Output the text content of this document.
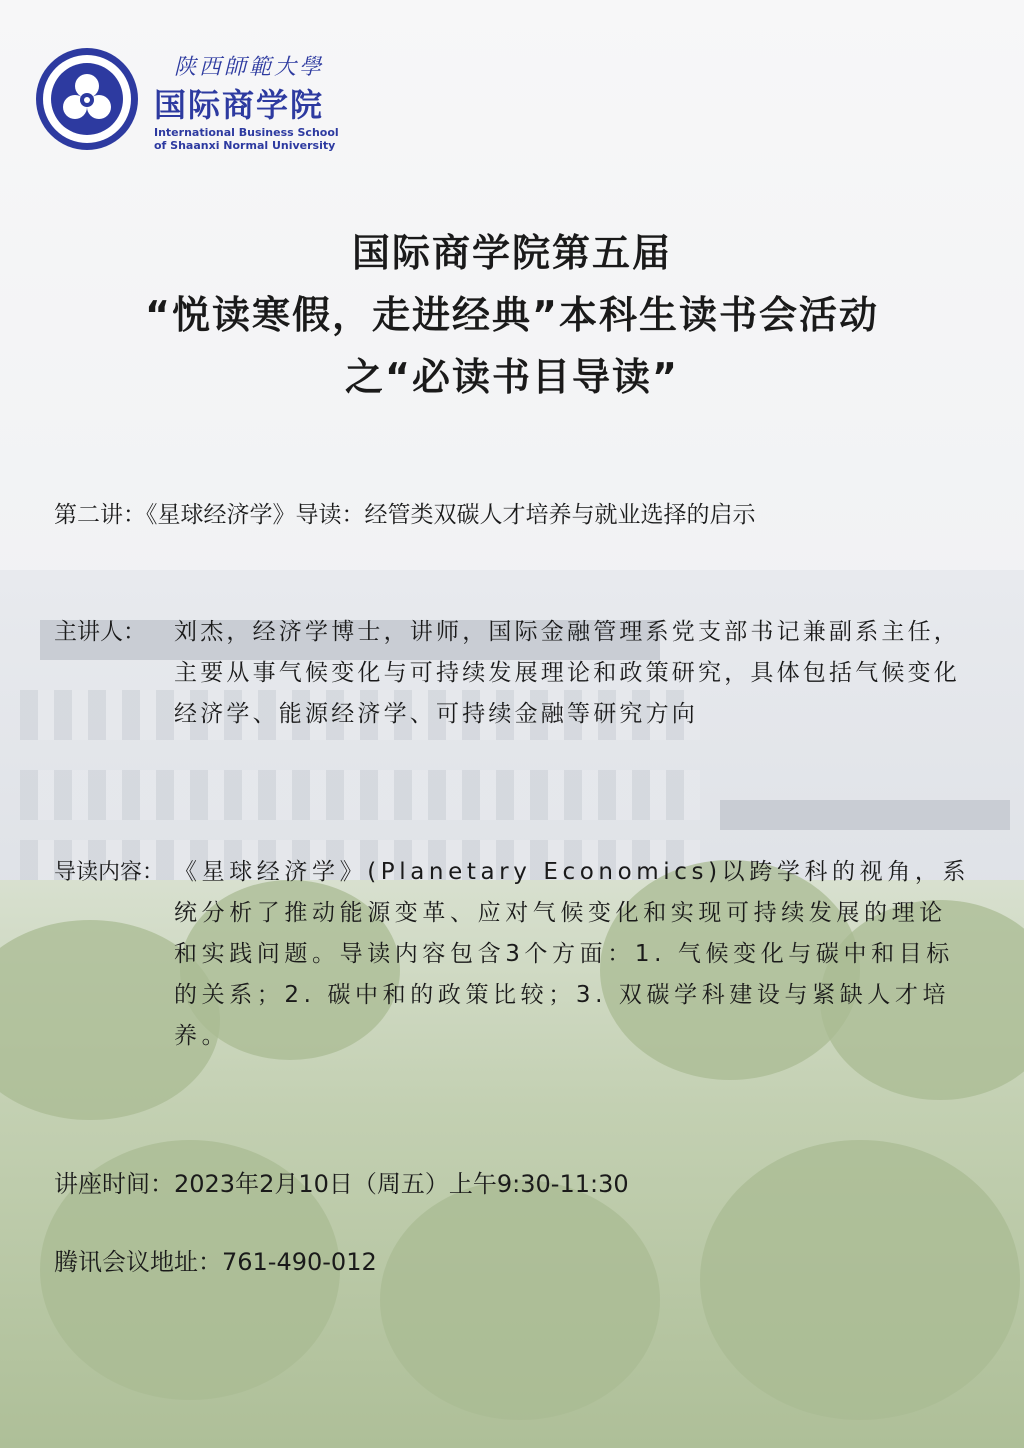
陕西師範大學
国际商学院
International Business School
of Shaanxi Normal University
国际商学院第五届
“悦读寒假，走进经典”本科生读书会活动
之“必读书目导读”
第二讲：《星球经济学》导读：经管类双碳人才培养与就业选择的启示
主讲人： 刘杰，经济学博士，讲师，国际金融管理系党支部书记兼副系主任，主要从事气候变化与可持续发展理论和政策研究，具体包括气候变化经济学、能源经济学、可持续金融等研究方向
导读内容： 《星球经济学》(Planetary Economics)以跨学科的视角，系统分析了推动能源变革、应对气候变化和实现可持续发展的理论和实践问题。导读内容包含3个方面：1. 气候变化与碳中和目标的关系；2. 碳中和的政策比较；3. 双碳学科建设与紧缺人才培养。
讲座时间：2023年2月10日（周五）上午9:30-11:30
腾讯会议地址：761-490-012
